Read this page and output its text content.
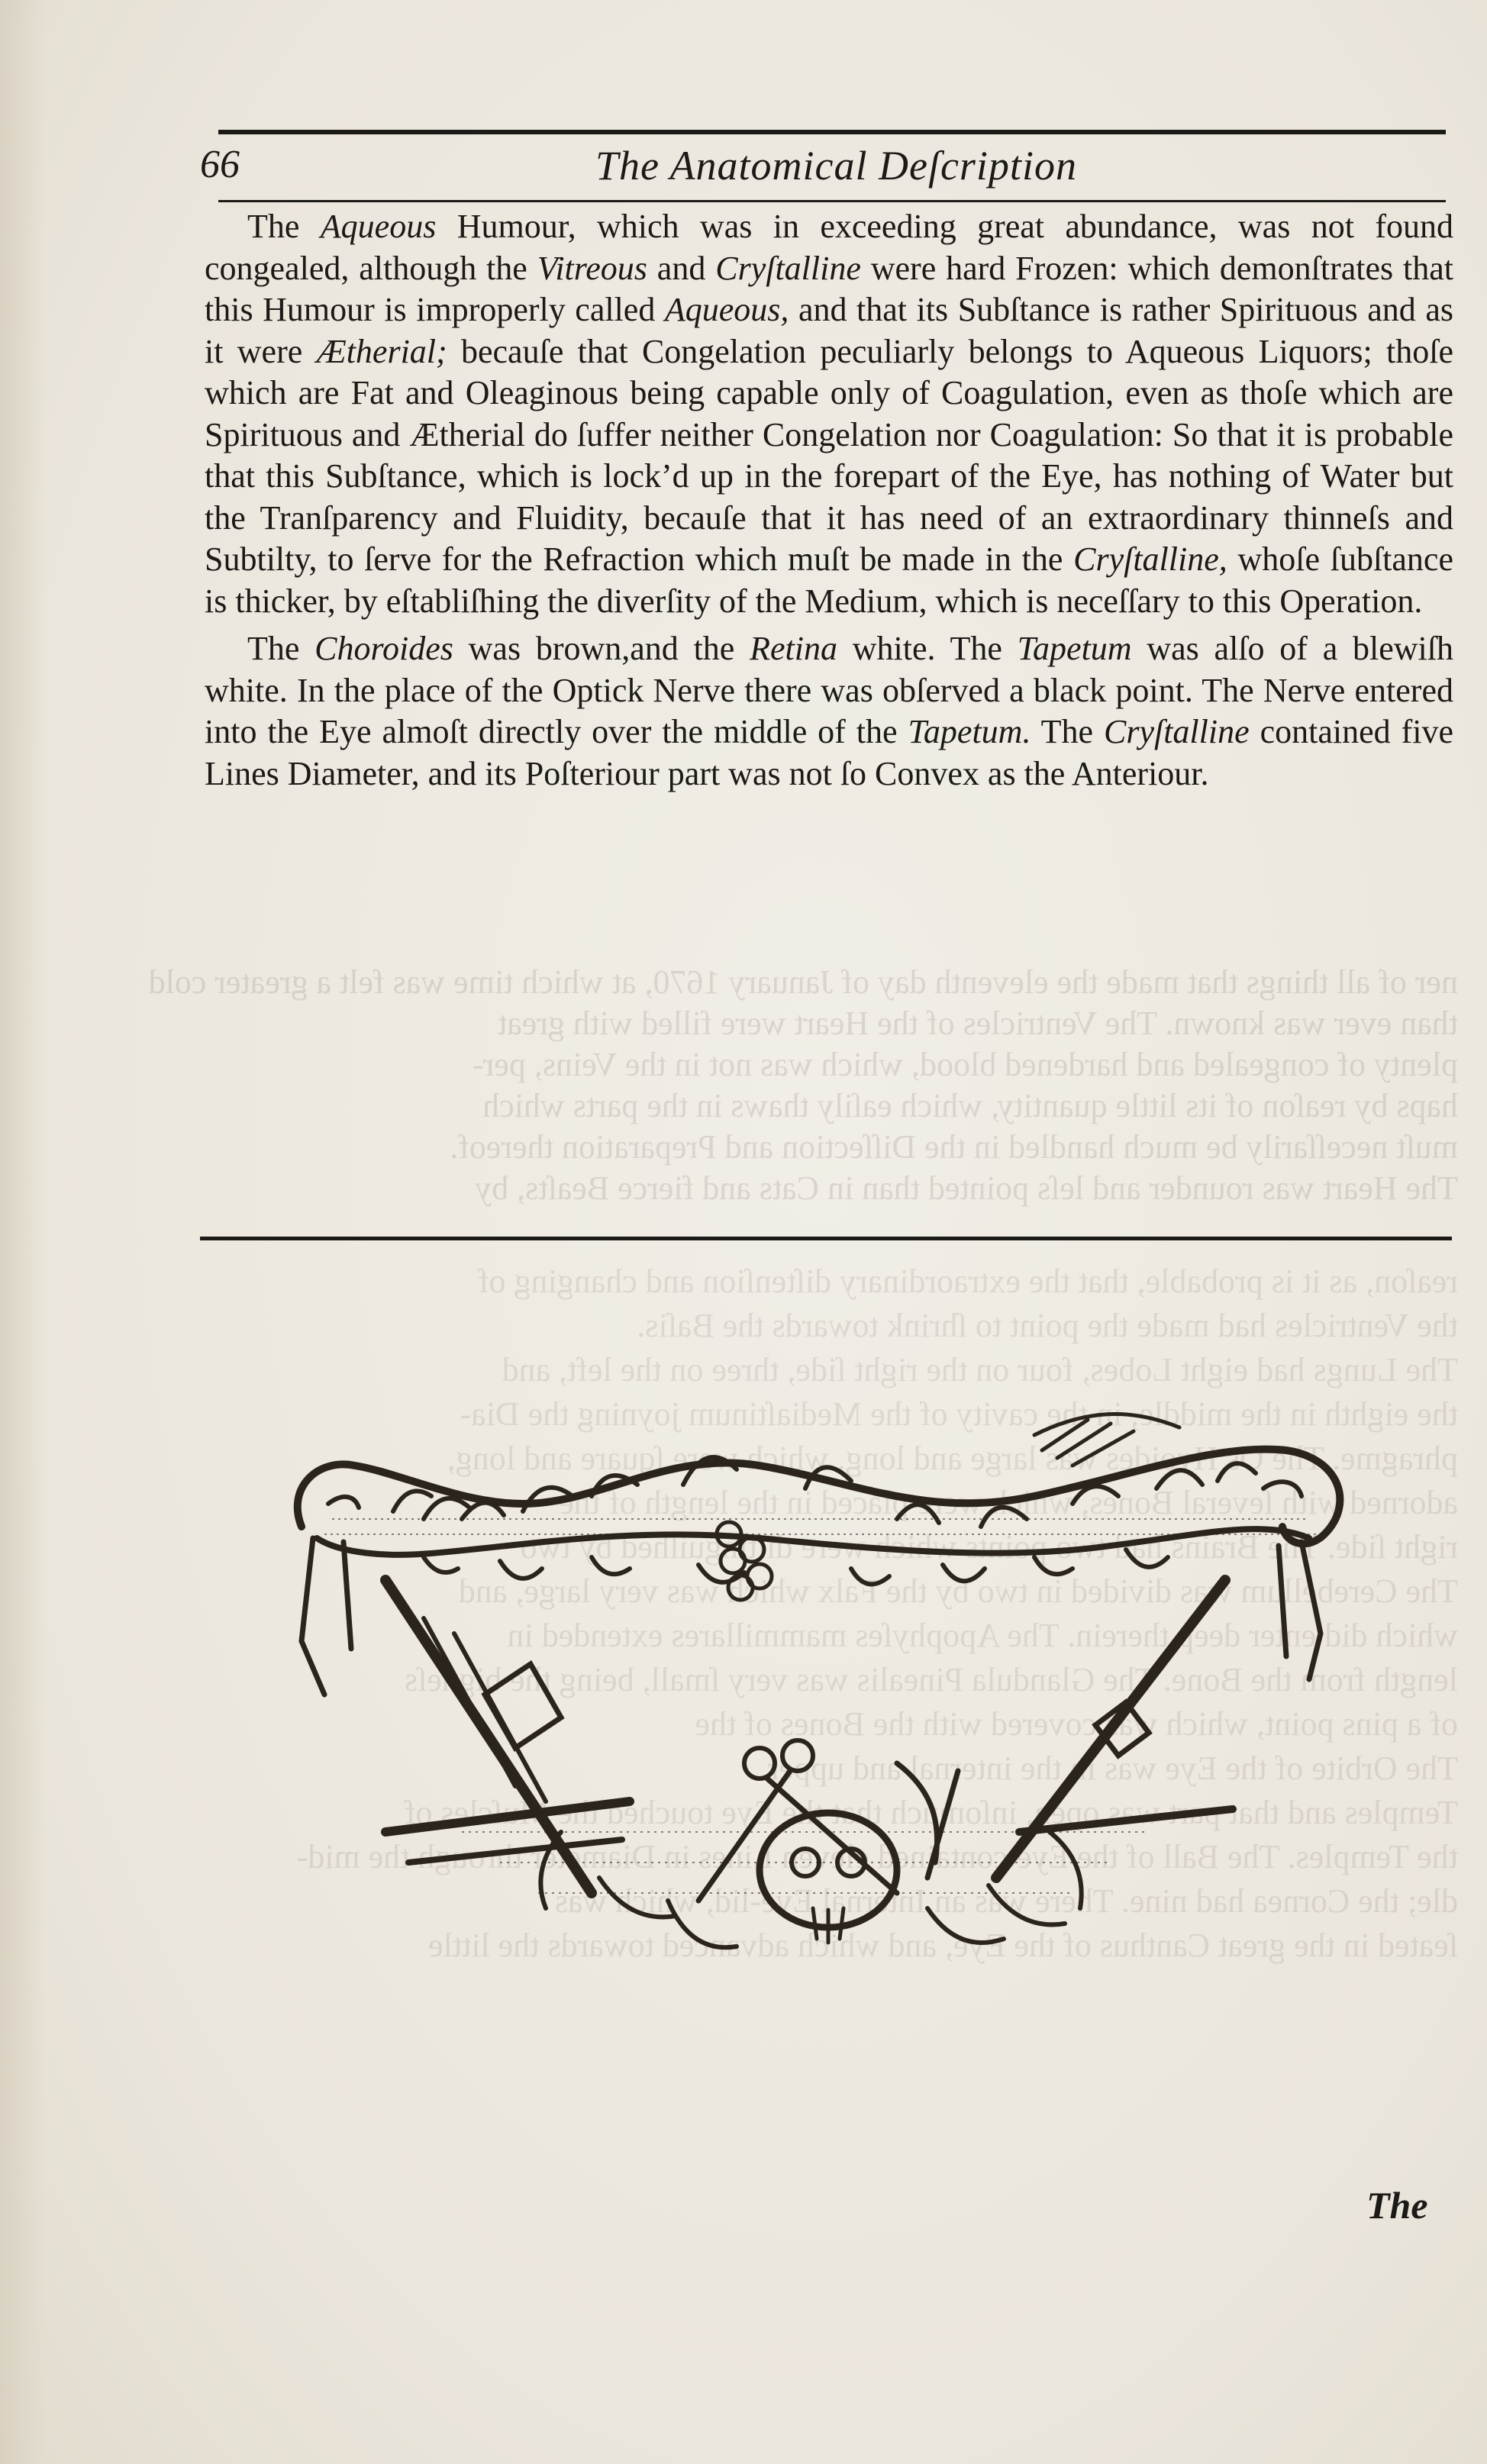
ner of all things that made the eleventh day of January 1670, at which time was felt a greater cold
than ever was known. The Ventricles of the Heart were filled with great
plenty of congealed and hardened blood, which was not in the Veins, per-
haps by reaſon of its little quantity, which eaſily thaws in the parts which
muſt neceſſarily be much handled in the Diſſection and Preparation thereof.
The Heart was rounder and leſs pointed than in Cats and fierce Beaſts, by
reaſon, as it is probable, that the extraordinary diſtenſion and changing of
the Ventricles had made the point to ſhrink towards the Baſis.
The Lungs had eight Lobes, four on the right ſide, three on the left, and
the eighth in the middle, in the cavity of the Mediaſtinum joyning the Dia-
phragme. The Os Hyoides was large and long, which were ſquare and long,
adorned with ſeveral Bones, which were placed in the length of the
right ſide. The Brains had two points which were diſtinguiſhed by two
The Cerebellum was divided in two by the Falx which was very large, and
which did enter deep therein. The Apophyſes mammillares extended in
length from the Bone. The Glandula Pinealis was very ſmall, being the bigneſs
of a pins point, which was covered with the Bones of the
The Orbite of the Eye was in the internal and upper
Temples and that part was open, inſomuch that the Eye touched the Muſcles of
the Temples. The Ball of the Eye contained eleven Lines in Diameter through the mid-
dle; the Cornea had nine. There was an Internal Eye-lid, which was
ſeated in the great Canthus of the Eye, and which advanced towards the little
66	The Anatomical Deſcription

The Aqueous Humour, which was in exceeding great abundance, was not found congealed, although the Vitreous and Cryſtalline were hard Frozen: which demonſtrates that this Humour is improperly called Aqueous, and that its Subſtance is rather Spirituous and as it were Ætherial; becauſe that Congelation peculiarly belongs to Aqueous Liquors; thoſe which are Fat and Oleaginous being capable only of Coagulation, even as thoſe which are Spirituous and Ætherial do ſuffer neither Congelation nor Coagulation: So that it is probable that this Subſtance, which is lock’d up in the forepart of the Eye, has nothing of Water but the Tranſparency and Fluidity, becauſe that it has need of an extraordinary thinneſs and Subtilty, to ſerve for the Refraction which muſt be made in the Cryſtalline, whoſe ſubſtance is thicker, by eſtabliſhing the diverſity of the Medium, which is neceſſary to this Operation.

The Choroides was brown,and the Retina white. The Tapetum was alſo of a blewiſh white. In the place of the Optick Nerve there was obſerved a black point. The Nerve entered into the Eye almoſt directly over the middle of the Tapetum. The Cryſtalline contained five Lines Diameter, and its Poſteriour part was not ſo Convex as the Anteriour.

The
